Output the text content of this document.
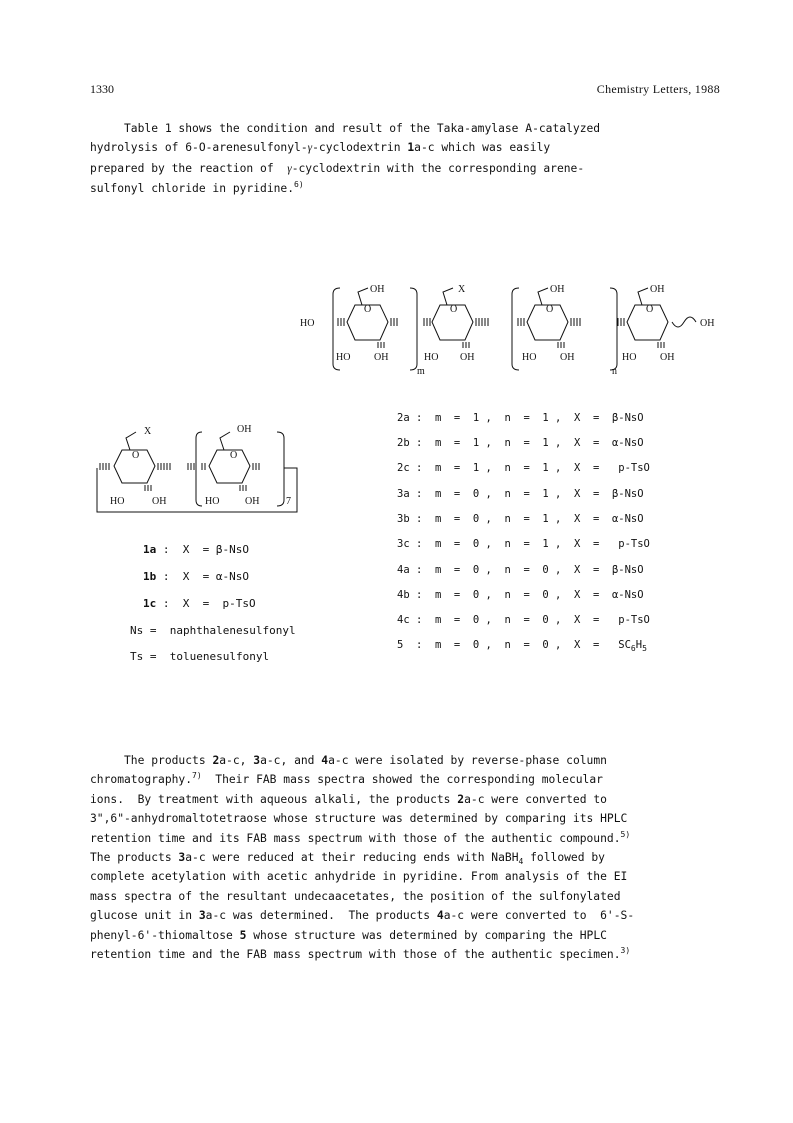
1330	Chemistry Letters, 1988
Table 1 shows the condition and result of the Taka-amylase A-catalyzed
hydrolysis of 6-O-arenesulfonyl-γ-cyclodextrin 1a-c which was easily
prepared by the reaction of  γ-cyclodextrin with the corresponding arene-
sulfonyl chloride in pyridine.$^{6)}$
OH
O
HO
HO OH
X
O
HO OH
OH
O
HO OH
OH
O
HO OH
OH
m	n
X
O
OH
O
HO	OH	HO	OH	7
1a :  X  = β-NsO
1b :  X  = α-NsO
1c :  X  =  p-TsO
Ns =  naphthalenesulfonyl
Ts =  toluenesulfonyl
2a :  m  =  1 ,  n  =  1 ,  X  =  β-NsO
2b :  m  =  1 ,  n  =  1 ,  X  =  α-NsO
2c :  m  =  1 ,  n  =  1 ,  X  =   p-TsO
3a :  m  =  0 ,  n  =  1 ,  X  =  β-NsO
3b :  m  =  0 ,  n  =  1 ,  X  =  α-NsO
3c :  m  =  0 ,  n  =  1 ,  X  =   p-TsO
4a :  m  =  0 ,  n  =  0 ,  X  =  β-NsO
4b :  m  =  0 ,  n  =  0 ,  X  =  α-NsO
4c :  m  =  0 ,  n  =  0 ,  X  =   p-TsO
5  :  m  =  0 ,  n  =  0 ,  $X = SC_6H_5$
The products 2a-c, 3a-c, and 4a-c were isolated by reverse-phase column
chromatography.$^{7)}$  Their FAB mass spectra showed the corresponding molecular
ions.  By treatment with aqueous alkali, the products 2a-c were converted to
3",6"-anhydromaltotetraose whose structure was determined by comparing its HPLC
retention time and its FAB mass spectrum with those of the authentic compound.$^{5)}$
The products 3a-c were reduced at their reducing ends with NaBH$_4$ followed by
complete acetylation with acetic anhydride in pyridine. From analysis of the EI
mass spectra of the resultant undecaacetates, the position of the sulfonylated
glucose unit in 3a-c was determined.  The products 4a-c were converted to  6'-S-
phenyl-6'-thiomaltose 5 whose structure was determined by comparing the HPLC
retention time and the FAB mass spectrum with those of the authentic specimen.$^{3)}$
